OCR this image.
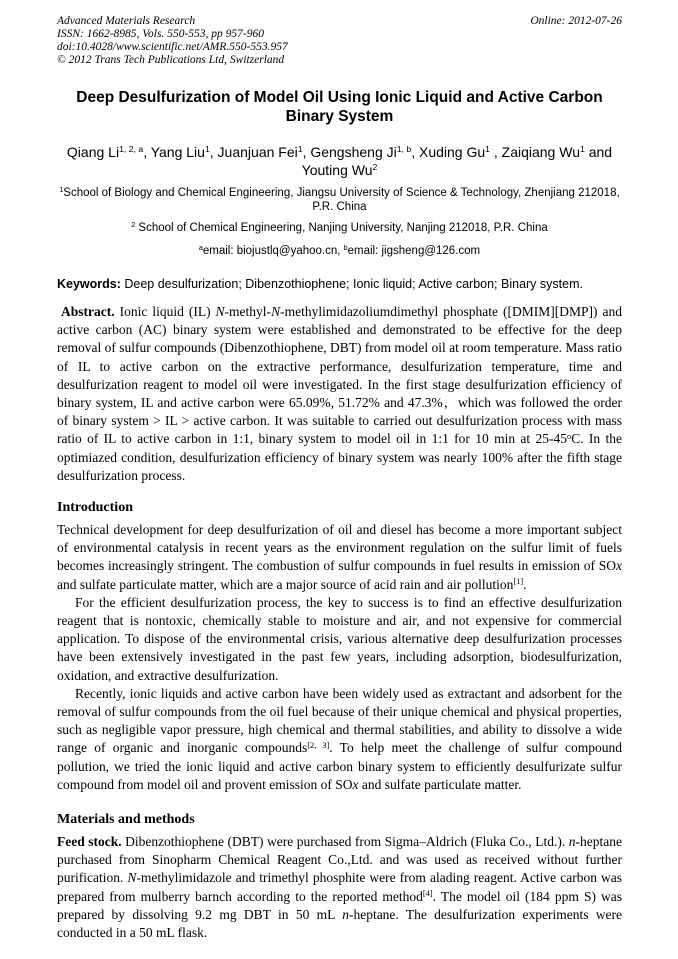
Advanced Materials Research
ISSN: 1662-8985, Vols. 550-553, pp 957-960
doi:10.4028/www.scientific.net/AMR.550-553.957
© 2012 Trans Tech Publications Ltd, Switzerland
Online: 2012-07-26
Deep Desulfurization of Model Oil Using Ionic Liquid and Active Carbon Binary System

Qiang Li$^{1, 2, a}$, Yang Liu$^1$, Juanjuan Fei$^1$, Gengsheng Ji$^{1, b}$, Xuding Gu$^1$ , Zaiqiang Wu$^1$ and Youting Wu$^2$

$^1$School of Biology and Chemical Engineering, Jiangsu University of Science & Technology, Zhenjiang 212018, P.R. China

$^2$ School of Chemical Engineering, Nanjing University, Nanjing 212018, P.R. China

$^a$email: biojustlq@yahoo.cn, $^b$email: jigsheng@126.com

Keywords: Deep desulfurization; Dibenzothiophene; Ionic liquid; Active carbon; Binary system.

Abstract. Ionic liquid (IL) N-methyl-N-methylimidazoliumdimethyl phosphate ([DMIM][DMP]) and active carbon (AC) binary system were established and demonstrated to be effective for the deep removal of sulfur compounds (Dibenzothiophene, DBT) from model oil at room temperature. Mass ratio of IL to active carbon on the extractive performance, desulfurization temperature, time and desulfurization reagent to model oil were investigated. In the first stage desulfurization efficiency of binary system, IL and active carbon were 65.09%, 51.72% and 47.3%，which was followed the order of binary system > IL > active carbon. It was suitable to carried out desulfurization process with mass ratio of IL to active carbon in 1:1, binary system to model oil in 1:1 for 10 min at 25-45$^o$C. In the optimiazed condition, desulfurization efficiency of binary system was nearly 100% after the fifth stage desulfurization process.

Introduction

Technical development for deep desulfurization of oil and diesel has become a more important subject of environmental catalysis in recent years as the environment regulation on the sulfur limit of fuels becomes increasingly stringent. The combustion of sulfur compounds in fuel results in emission of SOx and sulfate particulate matter, which are a major source of acid rain and air pollution[1].

For the efficient desulfurization process, the key to success is to find an effective desulfurization reagent that is nontoxic, chemically stable to moisture and air, and not expensive for commercial application. To dispose of the environmental crisis, various alternative deep desulfurization processes have been extensively investigated in the past few years, including adsorption, biodesulfurization, oxidation, and extractive desulfurization.

Recently, ionic liquids and active carbon have been widely used as extractant and adsorbent for the removal of sulfur compounds from the oil fuel because of their unique chemical and physical properties, such as negligible vapor pressure, high chemical and thermal stabilities, and ability to dissolve a wide range of organic and inorganic compounds[2, 3]. To help meet the challenge of sulfur compound pollution, we tried the ionic liquid and active carbon binary system to efficiently desulfurizate sulfur compound from model oil and provent emission of SOx and sulfate particulate matter.

Materials and methods

Feed stock. Dibenzothiophene (DBT) were purchased from Sigma–Aldrich (Fluka Co., Ltd.). n-heptane purchased from Sinopharm Chemical Reagent Co.,Ltd. and was used as received without further purification. N-methylimidazole and trimethyl phosphite were from alading reagent. Active carbon was prepared from mulberry barnch according to the reported method[4]. The model oil (184 ppm S) was prepared by dissolving 9.2 mg DBT in 50 mL n-heptane. The desulfurization experiments were conducted in a 50 mL flask.
